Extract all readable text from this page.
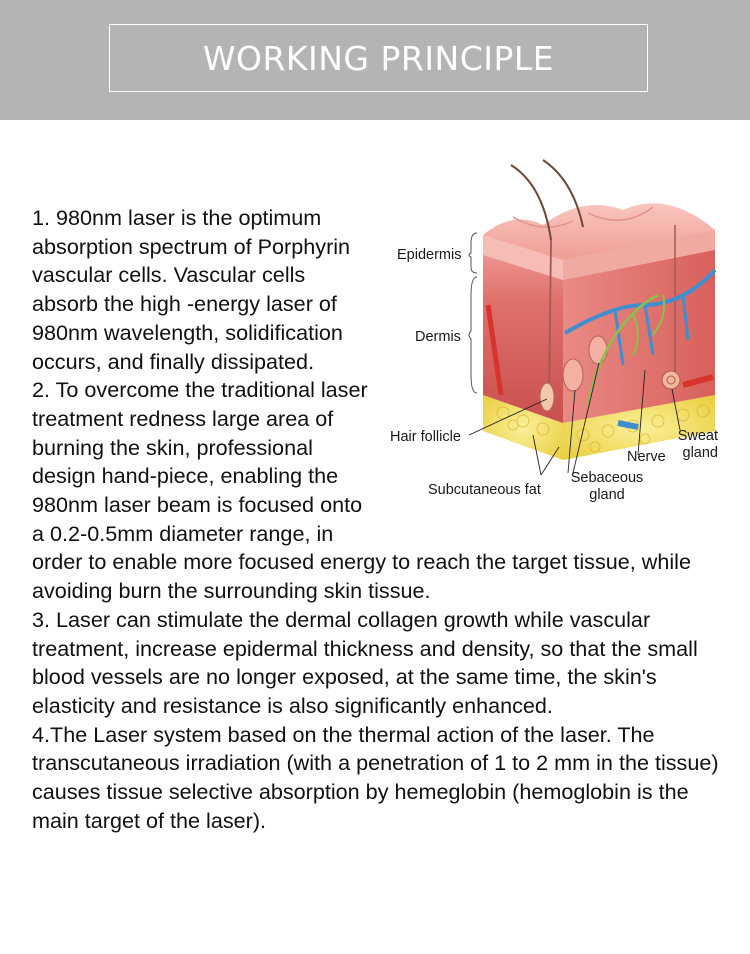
WORKING PRINCIPLE
Epidermis
Dermis
Hair follicle
Subcutaneous fat
Sebaceous gland
Nerve
Sweat gland
1. 980nm laser is the optimum absorption spectrum of Porphyrin vascular cells. Vascular cells absorb the high -energy laser of 980nm wavelength, solidification occurs, and finally dissipated.
2. To overcome the traditional laser treatment redness large area of burning the skin, professional design hand-piece, enabling the 980nm laser beam is focused onto a 0.2-0.5mm diameter range, in order to enable more focused energy to reach the target tissue, while avoiding burn the surrounding skin tissue.
3. Laser can stimulate the dermal collagen growth while vascular treatment, increase epidermal thickness and density, so that the small blood vessels are no longer exposed, at the same time, the skin's elasticity and resistance is also significantly enhanced.
4.The Laser system based on the thermal action of the laser. The transcutaneous irradiation (with a penetration of 1 to 2 mm in the tissue) causes tissue selective absorption by hemeglobin (hemoglobin is the main target of the laser).
